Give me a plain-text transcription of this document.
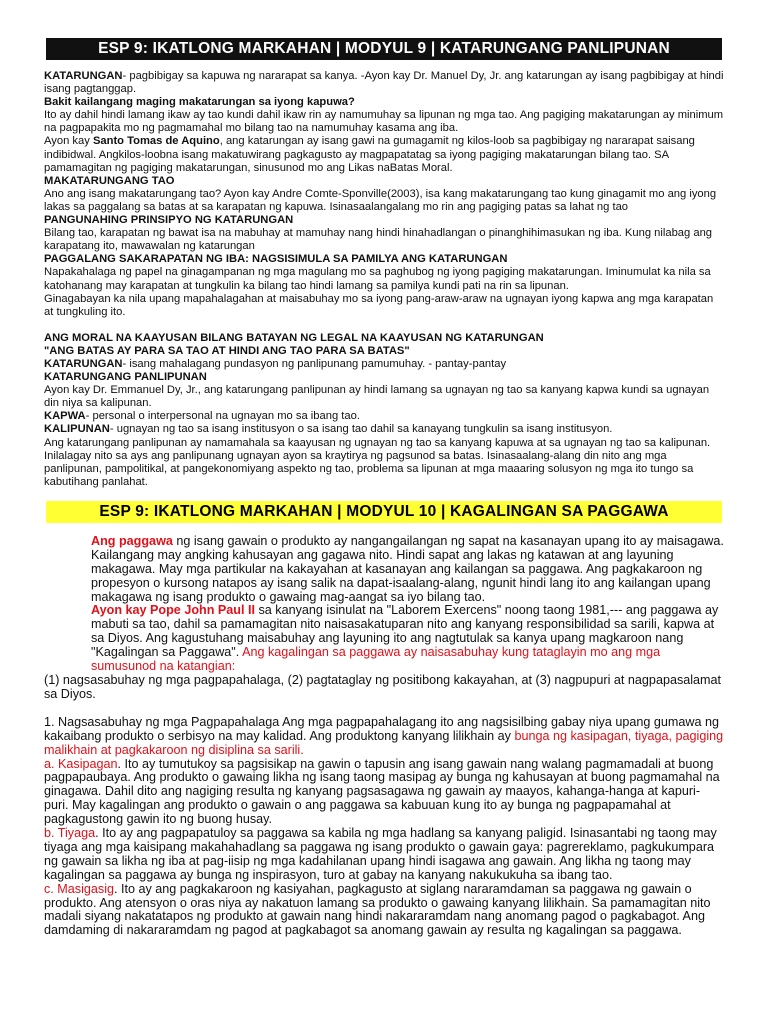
ESP 9: IKATLONG MARKAHAN | MODYUL 9 | KATARUNGANG PANLIPUNAN

KATARUNGAN- pagbibigay sa kapuwa ng nararapat sa kanya. -Ayon kay Dr. Manuel Dy, Jr. ang katarungan ay isang pagbibigay at hindi isang pagtanggap.

Bakit kailangang maging makatarungan sa iyong kapuwa?

Ito ay dahil hindi lamang ikaw ay tao kundi dahil ikaw rin ay namumuhay sa lipunan ng mga tao. Ang pagiging makatarungan ay minimum na pagpapakita mo ng pagmamahal mo bilang tao na namumuhay kasama ang iba.

Ayon kay Santo Tomas de Aquino, ang katarungan ay isang gawi na gumagamit ng kilos-loob sa pagbibigay ng nararapat saisang indibidwal. Angkilos-loobna isang makatuwirang pagkagusto ay magpapatatag sa iyong pagiging makatarungan bilang tao. SA pamamagitan ng pagiging makatarungan, sinusunod mo ang Likas naBatas Moral.

MAKATARUNGANG TAO

Ano ang isang makatarungang tao? Ayon kay Andre Comte-Sponville(2003), isa kang makatarungang tao kung ginagamit mo ang iyong lakas sa paggalang sa batas at sa karapatan ng kapuwa. Isinasaalangalang mo rin ang pagiging patas sa lahat ng tao

PANGUNAHING PRINSIPYO NG KATARUNGAN

Bilang tao, karapatan ng bawat isa na mabuhay at mamuhay nang hindi hinahadlangan o pinanghihimasukan ng iba. Kung nilabag ang karapatang ito, mawawalan ng katarungan

PAGGALANG SAKARAPATAN NG IBA: NAGSISIMULA SA PAMILYA ANG KATARUNGAN

Napakahalaga ng papel na ginagampanan ng mga magulang mo sa paghubog ng iyong pagiging makatarungan. Iminumulat ka nila sa katohanang may karapatan at tungkulin ka bilang tao hindi lamang sa pamilya kundi pati na rin sa lipunan.

Ginagabayan ka nila upang mapahalagahan at maisabuhay mo sa iyong pang-araw-araw na ugnayan iyong kapwa ang mga karapatan at tungkuling ito.

ANG MORAL NA KAAYUSAN BILANG BATAYAN NG LEGAL NA KAAYUSAN NG KATARUNGAN

"ANG BATAS AY PARA SA TAO AT HINDI ANG TAO PARA SA BATAS"

KATARUNGAN- isang mahalagang pundasyon ng panlipunang pamumuhay. - pantay-pantay

KATARUNGANG PANLIPUNAN

Ayon kay Dr. Emmanuel Dy, Jr., ang katarungang panlipunan ay hindi lamang sa ugnayan ng tao sa kanyang kapwa kundi sa ugnayan din niya sa kalipunan.

KAPWA- personal o interpersonal na ugnayan mo sa ibang tao.

KALIPUNAN- ugnayan ng tao sa isang institusyon o sa isang tao dahil sa kanayang tungkulin sa isang institusyon.

Ang katarungang panlipunan ay namamahala sa kaayusan ng ugnayan ng tao sa kanyang kapuwa at sa ugnayan ng tao sa kalipunan. Inilalagay nito sa ays ang panlipunang ugnayan ayon sa kraytirya ng pagsunod sa batas. Isinasaalang-alang din nito ang mga panlipunan, pampolitikal, at pangekonomiyang aspekto ng tao, problema sa lipunan at mga maaaring solusyon ng mga ito tungo sa kabutihang panlahat.

ESP 9: IKATLONG MARKAHAN | MODYUL 10 | KAGALINGAN SA PAGGAWA

Ang paggawa ng isang gawain o produkto ay nangangailangan ng sapat na kasanayan upang ito ay maisagawa. Kailangang may angking kahusayan ang gagawa nito. Hindi sapat ang lakas ng katawan at ang layuning makagawa. May mga partikular na kakayahan at kasanayan ang kailangan sa paggawa. Ang pagkakaroon ng propesyon o kursong natapos ay isang salik na dapat-isaalang-alang, ngunit hindi lang ito ang kailangan upang makagawa ng isang produkto o gawaing mag-aangat sa iyo bilang tao.

Ayon kay Pope John Paul II sa kanyang isinulat na "Laborem Exercens" noong taong 1981,--- ang paggawa ay mabuti sa tao, dahil sa pamamagitan nito naisasakatuparan nito ang kanyang responsibilidad sa sarili, kapwa at sa Diyos. Ang kagustuhang maisabuhay ang layuning ito ang nagtutulak sa kanya upang magkaroon nang "Kagalingan sa Paggawa". Ang kagalingan sa paggawa ay naisasabuhay kung tataglayin mo ang mga sumusunod na katangian:

(1) nagsasabuhay ng mga pagpapahalaga, (2) pagtataglay ng positibong kakayahan, at (3) nagpupuri at nagpapasalamat sa Diyos.

1. Nagsasabuhay ng mga Pagpapahalaga Ang mga pagpapahalagang ito ang nagsisilbing gabay niya upang gumawa ng kakaibang produkto o serbisyo na may kalidad. Ang produktong kanyang lilikhain ay bunga ng kasipagan, tiyaga, pagiging malikhain at pagkakaroon ng disiplina sa sarili.

a. Kasipagan. Ito ay tumutukoy sa pagsisikap na gawin o tapusin ang isang gawain nang walang pagmamadali at buong pagpapaubaya. Ang produkto o gawaing likha ng isang taong masipag ay bunga ng kahusayan at buong pagmamahal na ginagawa. Dahil dito ang nagiging resulta ng kanyang pagsasagawa ng gawain ay maayos, kahanga-hanga at kapuri-puri. May kagalingan ang produkto o gawain o ang paggawa sa kabuuan kung ito ay bunga ng pagpapamahal at pagkagustong gawin ito ng buong husay.

b. Tiyaga. Ito ay ang pagpapatuloy sa paggawa sa kabila ng mga hadlang sa kanyang paligid. Isinasantabi ng taong may tiyaga ang mga kaisipang makahahadlang sa paggawa ng isang produkto o gawain gaya: pagrereklamo, pagkukumpara ng gawain sa likha ng iba at pag-iisip ng mga kadahilanan upang hindi isagawa ang gawain. Ang likha ng taong may kagalingan sa paggawa ay bunga ng inspirasyon, turo at gabay na kanyang nakukukuha sa ibang tao.

c. Masigasig. Ito ay ang pagkakaroon ng kasiyahan, pagkagusto at siglang nararamdaman sa paggawa ng gawain o produkto. Ang atensyon o oras niya ay nakatuon lamang sa produkto o gawaing kanyang lilikhain. Sa pamamagitan nito madali siyang nakatatapos ng produkto at gawain nang hindi nakararamdam nang anomang pagod o pagkabagot. Ang damdaming di nakararamdam ng pagod at pagkabagot sa anomang gawain ay resulta ng kagalingan sa paggawa.
